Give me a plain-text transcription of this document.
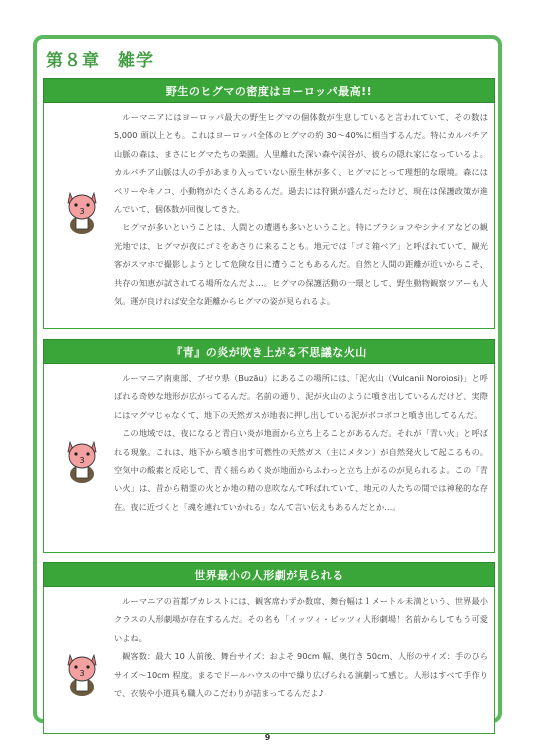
第８章　雑学
野生のヒグマの密度はヨーロッパ最高!!
3

ルーマニアにはヨーロッパ最大の野生ヒグマの個体数が生息していると言われていて、その数は 5,000 頭以上とも。これはヨーロッパ全体のヒグマの約 30～40%に相当するんだ。特にカルパチア山脈の森は、まさにヒグマたちの楽園。人里離れた深い森や渓谷が、彼らの隠れ家になっているよ。カルパチア山脈は人の手があまり入っていない原生林が多く、ヒグマにとって理想的な環境。森にはベリーやキノコ、小動物がたくさんあるんだ。過去には狩猟が盛んだったけど、現在は保護政策が進んでいて、個体数が回復してきた。

ヒグマが多いということは、人間との遭遇も多いということ。特にブラショフやシナイアなどの観光地では、ヒグマが夜にゴミをあさりに来ることも。地元では「ゴミ箱ベア」と呼ばれていて、観光客がスマホで撮影しようとして危険な目に遭うこともあるんだ。自然と人間の距離が近いからこそ、共存の知恵が試されてる場所なんだよ…。ヒグマの保護活動の一環として、野生動物観察ツアーも人気。運が良ければ安全な距離からヒグマの姿が見られるよ。

『青』の炎が吹き上がる不思議な火山
3

ルーマニア南東部、ブゼウ県（Buzău）にあるこの場所には、「泥火山（Vulcanii Noroiosi)」と呼ばれる奇妙な地形が広がってるんだ。名前の通り、泥が火山のように噴き出しているんだけど、実際にはマグマじゃなくて、地下の天然ガスが地表に押し出している泥がボコボコと噴き出してるんだ。

この地域では、夜になると青白い炎が地面から立ち上ることがあるんだ。それが「青い火」と呼ばれる現象。これは、地下から噴き出す可燃性の天然ガス（主にメタン）が自然発火して起こるもの。空気中の酸素と反応して、青く揺らめく炎が地面からふわっと立ち上がるのが見られるよ。この「青い火」は、昔から精霊の火とか地の精の息吹なんて呼ばれていて、地元の人たちの間では神秘的な存在。夜に近づくと「魂を連れていかれる」なんて言い伝えもあるんだとか…。

世界最小の人形劇が見られる
3

ルーマニアの首都ブカレストには、観客席わずか数席、舞台幅は１メートル未満という、世界最小クラスの人形劇場が存在するんだ。その名も「イッツィ・ビッツィ人形劇場！名前からしてもう可愛いよね。

観客数：最大 10 人前後、舞台サイズ：およそ 90cm 幅、奥行き 50cm、人形のサイズ：手のひらサイズ〜10cm 程度。まるでドールハウスの中で繰り広げられる演劇って感じ。人形はすべて手作りで、衣装や小道具も職人のこだわりが詰まってるんだよ♪

9
